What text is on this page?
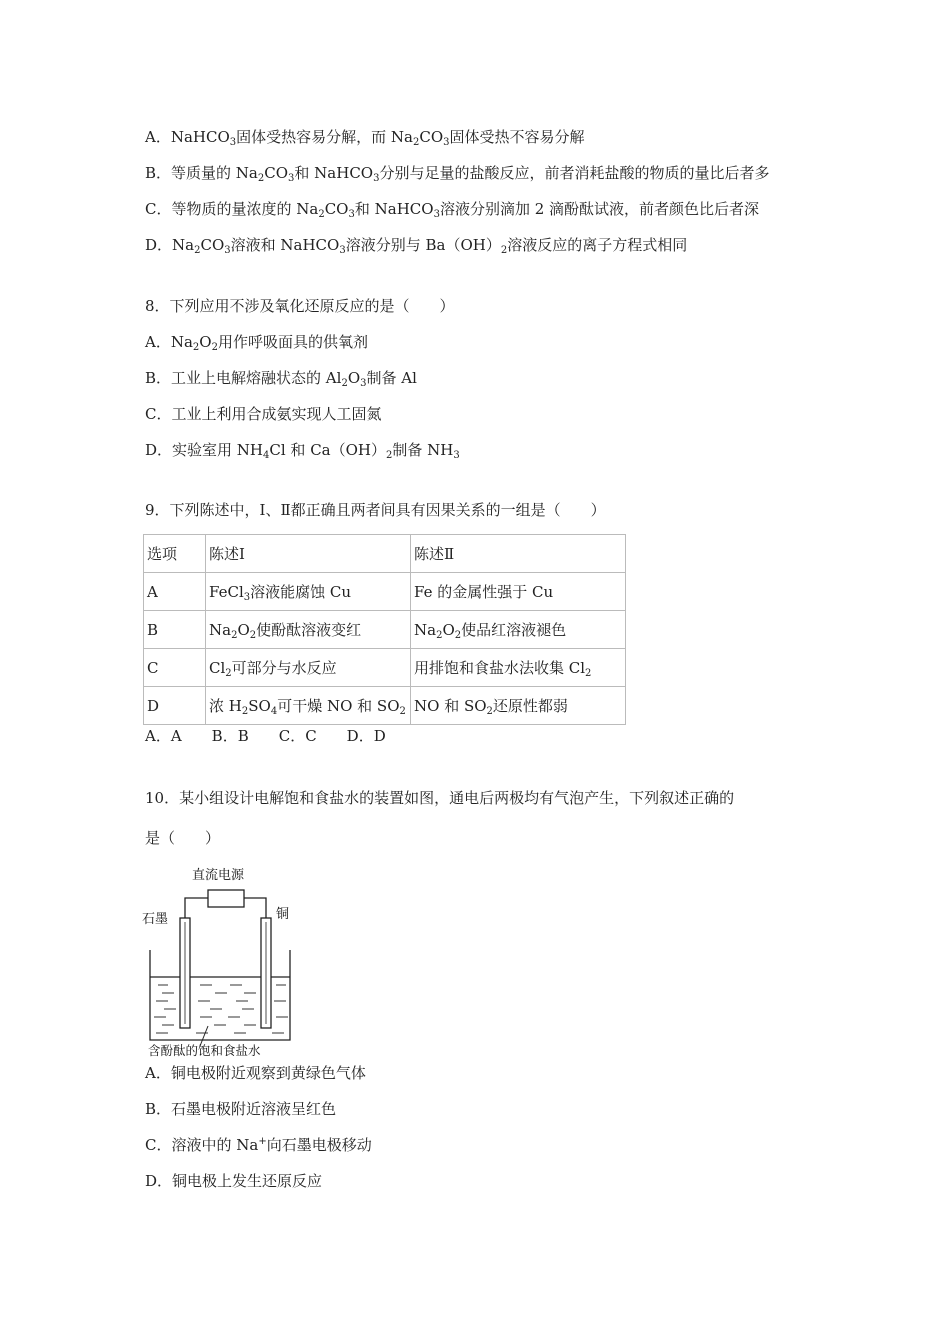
A．NaHCO$_3$固体受热容易分解，而 $Na_2CO_3$固体受热不容易分解
B．等质量的 $Na_2CO_3$和 NaHCO$_3$分别与足量的盐酸反应，前者消耗盐酸的物质的量比后者多
C．等物质的量浓度的 $Na_2CO_3$和 NaHCO$_3$溶液分别滴加 2 滴酚酞试液，前者颜色比后者深
D．$Na_2CO_3$溶液和 NaHCO$_3$溶液分别与 $Ba(OH)_2$溶液反应的离子方程式相同
8．下列应用不涉及氧化还原反应的是（　　）
A．$Na_2O_2$用作呼吸面具的供氧剂
B．工业上电解熔融状态的 $Al_2O_3$制备 Al
C．工业上利用合成氨实现人工固氮
D．实验室用 $NH_4Cl$ 和 $Ca(OH)_2$制备 $NH_3$
9．下列陈述中，Ⅰ、Ⅱ都正确且两者间具有因果关系的一组是（　　）
选项	陈述Ⅰ	陈述Ⅱ
A	FeCl$_3$溶液能腐蚀 Cu	Fe 的金属性强于 Cu
B	$Na_2O_2$使酚酞溶液变红	$Na_2O_2$使品红溶液褪色
C	$Cl_2$可部分与水反应	用排饱和食盐水法收集 $Cl_2$
D	浓 $H_2SO_4$可干燥 NO 和 $SO_2$	NO 和 $SO_2$还原性都弱
A．A　　B．B　　C．C　　D．D
10．某小组设计电解饱和食盐水的装置如图，通电后两极均有气泡产生，下列叙述正确的
是（　　）
直流电源
石墨	铜
含酚酞的饱和食盐水
A．铜电极附近观察到黄绿色气体
B．石墨电极附近溶液呈红色
C．溶液中的 Na+向石墨电极移动
D．铜电极上发生还原反应
